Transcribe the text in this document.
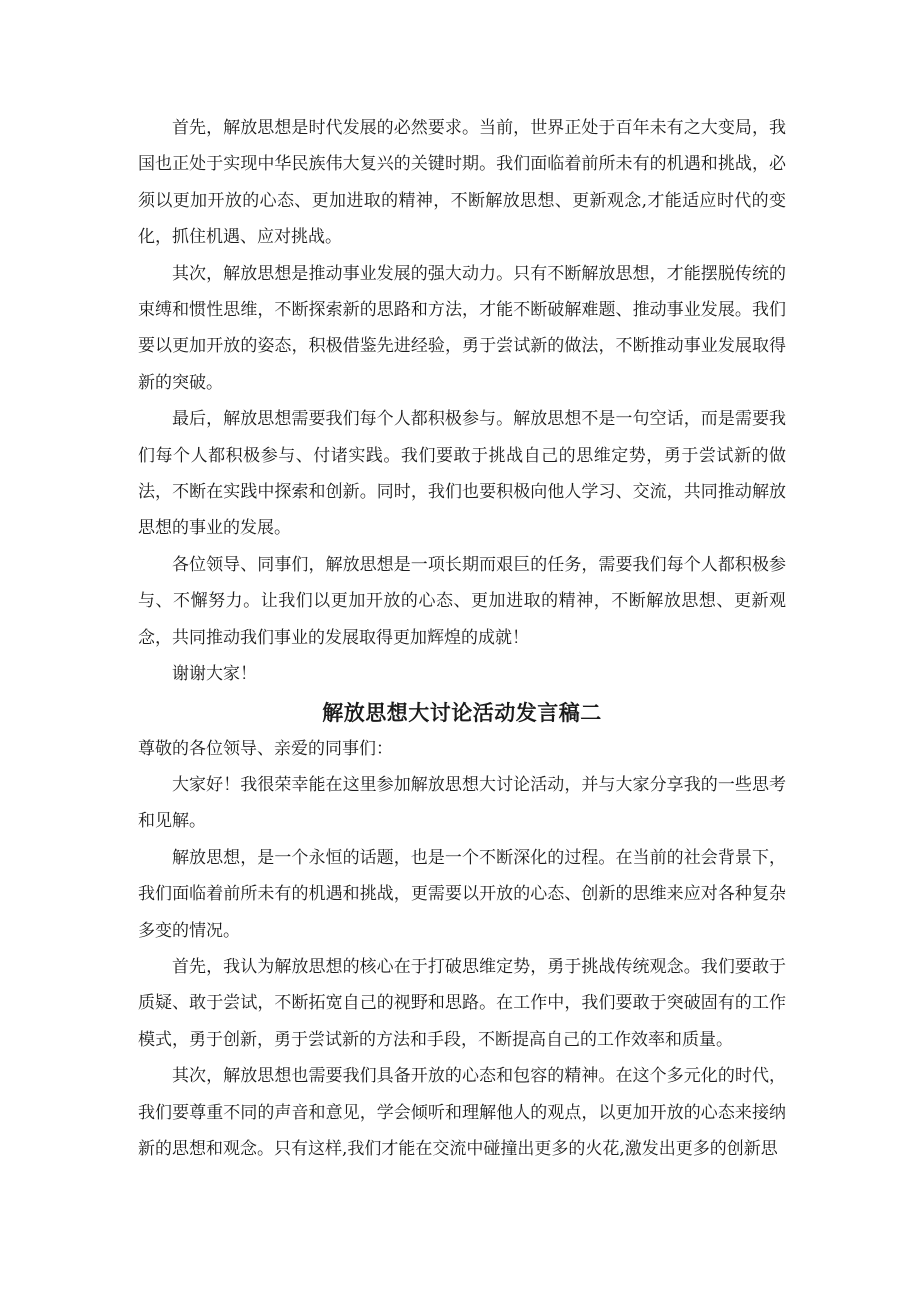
首先，解放思想是时代发展的必然要求。当前，世界正处于百年未有之大变局，我国也正处于实现中华民族伟大复兴的关键时期。我们面临着前所未有的机遇和挑战，必须以更加开放的心态、更加进取的精神，不断解放思想、更新观念,才能适应时代的变化，抓住机遇、应对挑战。

其次，解放思想是推动事业发展的强大动力。只有不断解放思想，才能摆脱传统的束缚和惯性思维，不断探索新的思路和方法，才能不断破解难题、推动事业发展。我们要以更加开放的姿态，积极借鉴先进经验，勇于尝试新的做法，不断推动事业发展取得新的突破。

最后，解放思想需要我们每个人都积极参与。解放思想不是一句空话，而是需要我们每个人都积极参与、付诸实践。我们要敢于挑战自己的思维定势，勇于尝试新的做法，不断在实践中探索和创新。同时，我们也要积极向他人学习、交流，共同推动解放思想的事业的发展。

各位领导、同事们，解放思想是一项长期而艰巨的任务，需要我们每个人都积极参与、不懈努力。让我们以更加开放的心态、更加进取的精神，不断解放思想、更新观念，共同推动我们事业的发展取得更加辉煌的成就！

谢谢大家！

解放思想大讨论活动发言稿二

尊敬的各位领导、亲爱的同事们：

大家好！我很荣幸能在这里参加解放思想大讨论活动，并与大家分享我的一些思考和见解。

解放思想，是一个永恒的话题，也是一个不断深化的过程。在当前的社会背景下，我们面临着前所未有的机遇和挑战，更需要以开放的心态、创新的思维来应对各种复杂多变的情况。

首先，我认为解放思想的核心在于打破思维定势，勇于挑战传统观念。我们要敢于质疑、敢于尝试，不断拓宽自己的视野和思路。在工作中，我们要敢于突破固有的工作模式，勇于创新，勇于尝试新的方法和手段，不断提高自己的工作效率和质量。

其次，解放思想也需要我们具备开放的心态和包容的精神。在这个多元化的时代，我们要尊重不同的声音和意见，学会倾听和理解他人的观点，以更加开放的心态来接纳新的思想和观念。只有这样,我们才能在交流中碰撞出更多的火花,激发出更多的创新思
